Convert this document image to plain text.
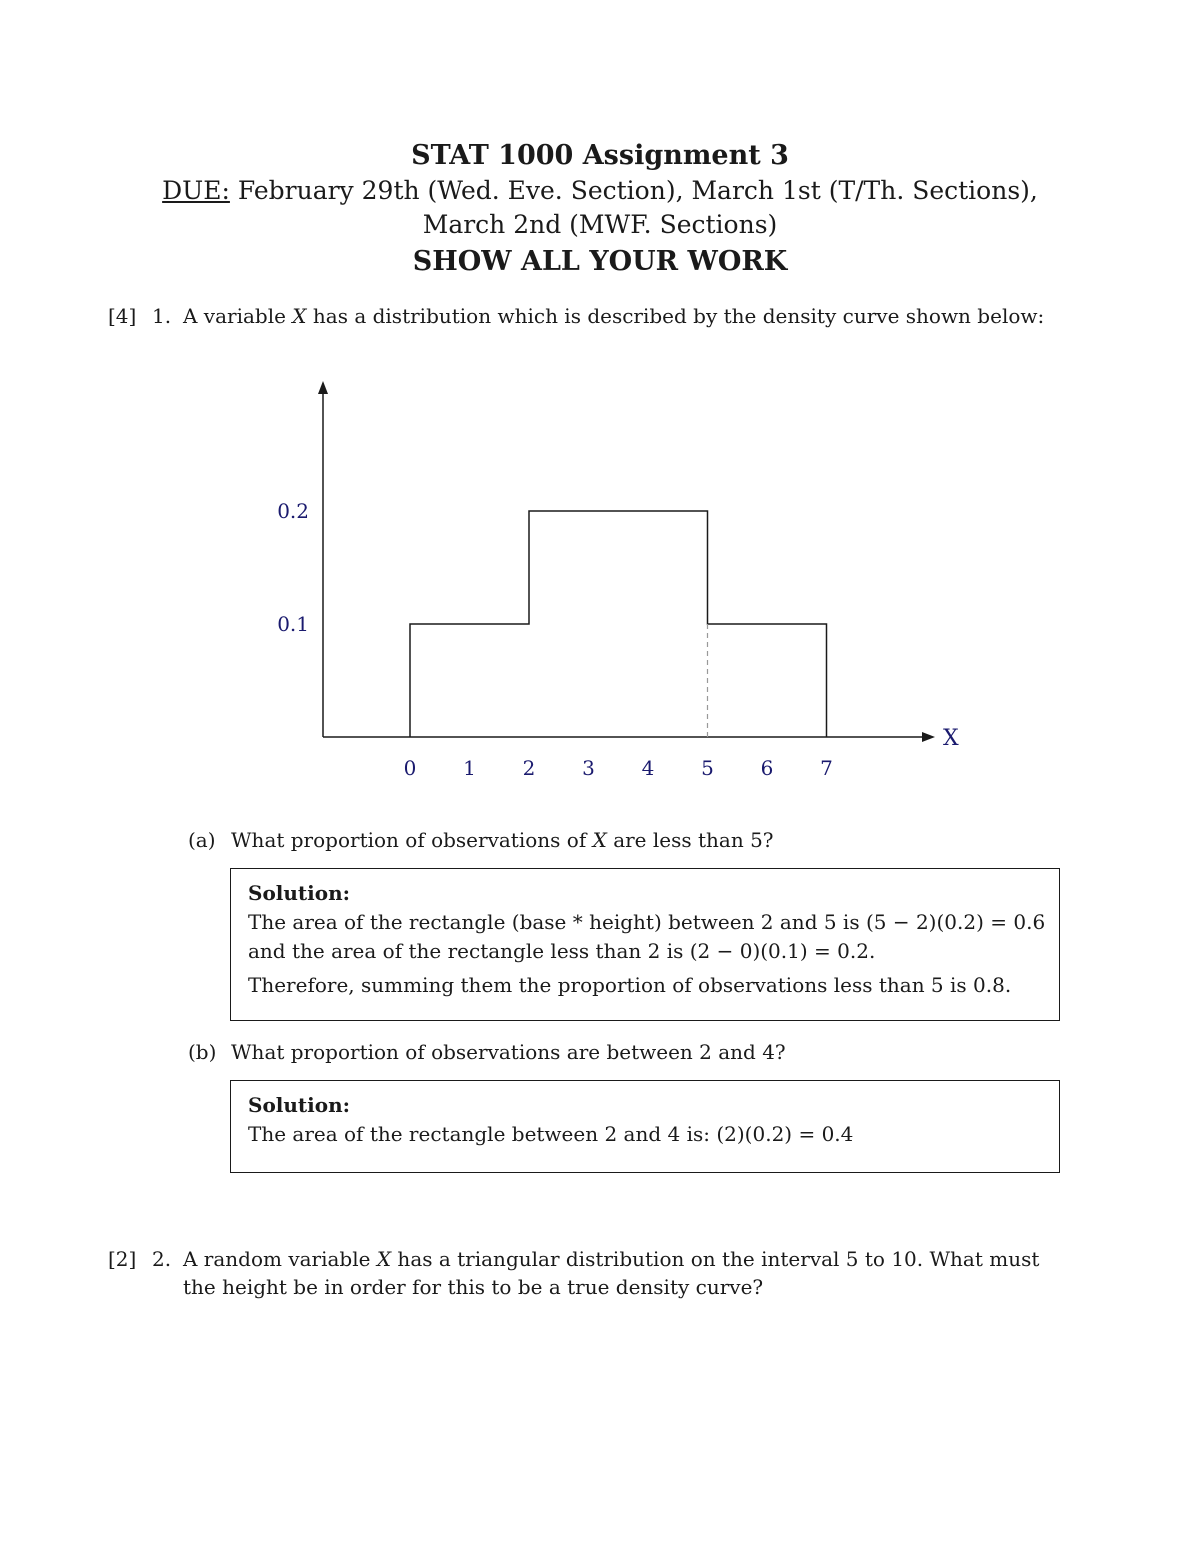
STAT 1000 Assignment 3
DUE: February 29th (Wed. Eve. Section), March 1st (T/Th. Sections),
March 2nd (MWF. Sections)
SHOW ALL YOUR WORK
[4] 1. A variable X has a distribution which is described by the density curve shown below:
X
0 1 2 3 4 5 6 7
0.1
0.2
(a) What proportion of observations of X are less than 5?
Solution:
The area of the rectangle (base * height) between 2 and 5 is (5 − 2)(0.2) = 0.6
and the area of the rectangle less than 2 is (2 − 0)(0.1) = 0.2.
Therefore, summing them the proportion of observations less than 5 is 0.8.
(b) What proportion of observations are between 2 and 4?
Solution:
The area of the rectangle between 2 and 4 is: (2)(0.2) = 0.4
[2] 2. A random variable X has a triangular distribution on the interval 5 to 10. What must the height be in order for this to be a true density curve?
